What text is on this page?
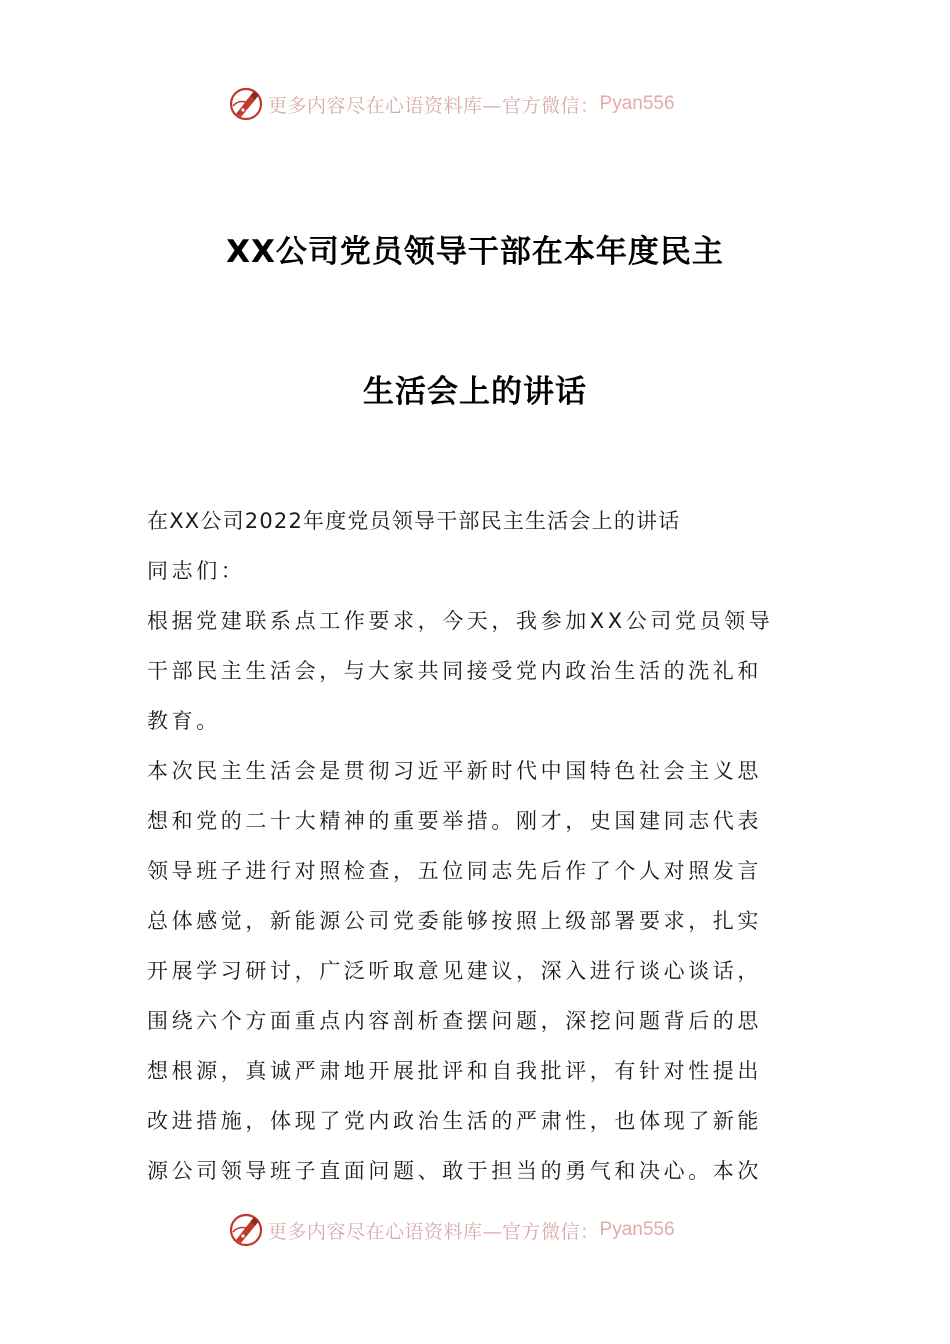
更多内容尽在心语资料库—官方微信： Pyan556
XX公司党员领导干部在本年度民主
生活会上的讲话
在XX公司2022年度党员领导干部民主生活会上的讲话
同志们：
根据党建联系点工作要求，今天，我参加XX公司党员领导
干部民主生活会，与大家共同接受党内政治生活的洗礼和
教育。
本次民主生活会是贯彻习近平新时代中国特色社会主义思
想和党的二十大精神的重要举措。刚才，史国建同志代表
领导班子进行对照检查，五位同志先后作了个人对照发言
总体感觉，新能源公司党委能够按照上级部署要求，扎实
开展学习研讨，广泛听取意见建议，深入进行谈心谈话，
围绕六个方面重点内容剖析查摆问题，深挖问题背后的思
想根源，真诚严肃地开展批评和自我批评，有针对性提出
改进措施，体现了党内政治生活的严肃性，也体现了新能
源公司领导班子直面问题、敢于担当的勇气和决心。本次
更多内容尽在心语资料库—官方微信： Pyan556
